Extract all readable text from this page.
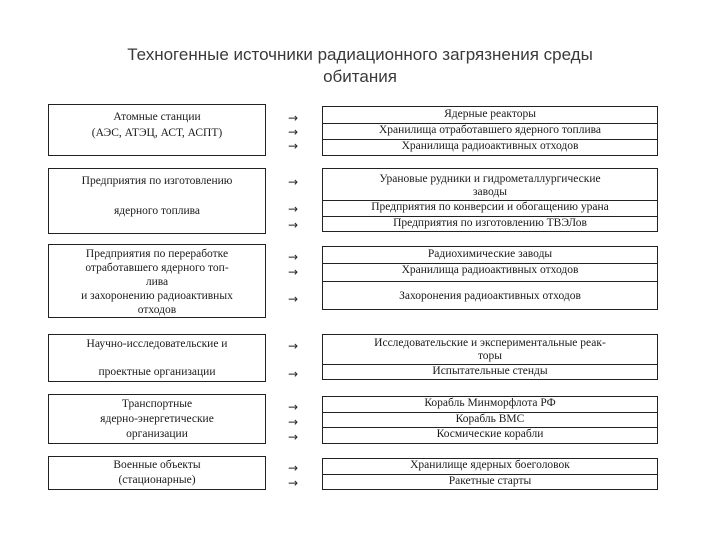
Техногенные источники радиационного загрязнения среды
обитания
Атомные станции
(АЭС, АТЭЦ, АСТ, АСПТ)
→
→
→
Ядерные реакторы
Хранилища отработавшего ядерного топлива
Хранилища радиоактивных отходов
Предприятия по изготовлению
ядерного топлива
→
→
→
Урановые рудники и гидрометаллургические
заводы
Предприятия по конверсии и обогащению урана
Предприятия по изготовлению ТВЭЛов
Предприятия по переработке
отработавшего ядерного топ-
лива
и захоронению радиоактивных
отходов
→
→
→
Радиохимические заводы
Хранилища радиоактивных отходов
Захоронения радиоактивных отходов
Научно-исследовательские и
проектные организации
→
→
Исследовательские и экспериментальные реак-
торы
Испытательные стенды
Транспортные
ядерно-энергетические
организации
→
→
→
Корабль Минморфлота РФ
Корабль ВМС
Космические корабли
Военные объекты
(стационарные)
→
→
Хранилище ядерных боеголовок
Ракетные старты
